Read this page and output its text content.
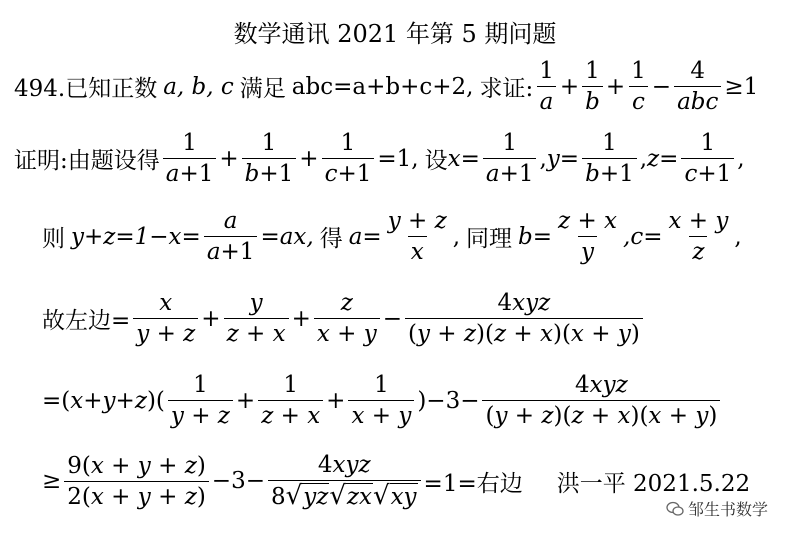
数学通讯 2021 年第 5 期问题
494.已知正数 a, b, c 满足 abc=a+b+c+2, 求证: $\frac{1}{a} + \frac{1}{b} + \frac{1}{c} - \frac{4}{\text{abc}} \ge 1$
证明:由题设得 $\frac{1}{a+1} + \frac{1}{b+1} + \frac{1}{c+1} =1$, 设 $x = \frac{1}{a+1}$ , $y = \frac{1}{b+1}$ , $z = \frac{1}{c+1}$ ,
则 $y+z=1-x= \frac{a}{a+1} =ax$, 得 $a= \frac{y + z}{x}$ , 同理 $b= \frac{z + x}{y} ,c= \frac{x + y}{z}$ ,
故左边= $\frac{x}{y + z} + \frac{y}{z + x} + \frac{z}{x + y} - \frac{\text{4xyz}}{(y + z)(z + x)(x + y)}$
= ( x + y + z )( $\frac{1}{y + z} + \frac{1}{z + x} + \frac{1}{x + y}$ ) $-3- \frac{\text{4xyz}}{(y + z)(z + x)(x + y)}$
≥ $\frac{9(x + y + z)}{2(x + y + z)} -3- \frac{\text{4xyz}}{8 √ yz √ zx √ xy} =1=$右边 洪一平 2021.5.22
邹生书数学
